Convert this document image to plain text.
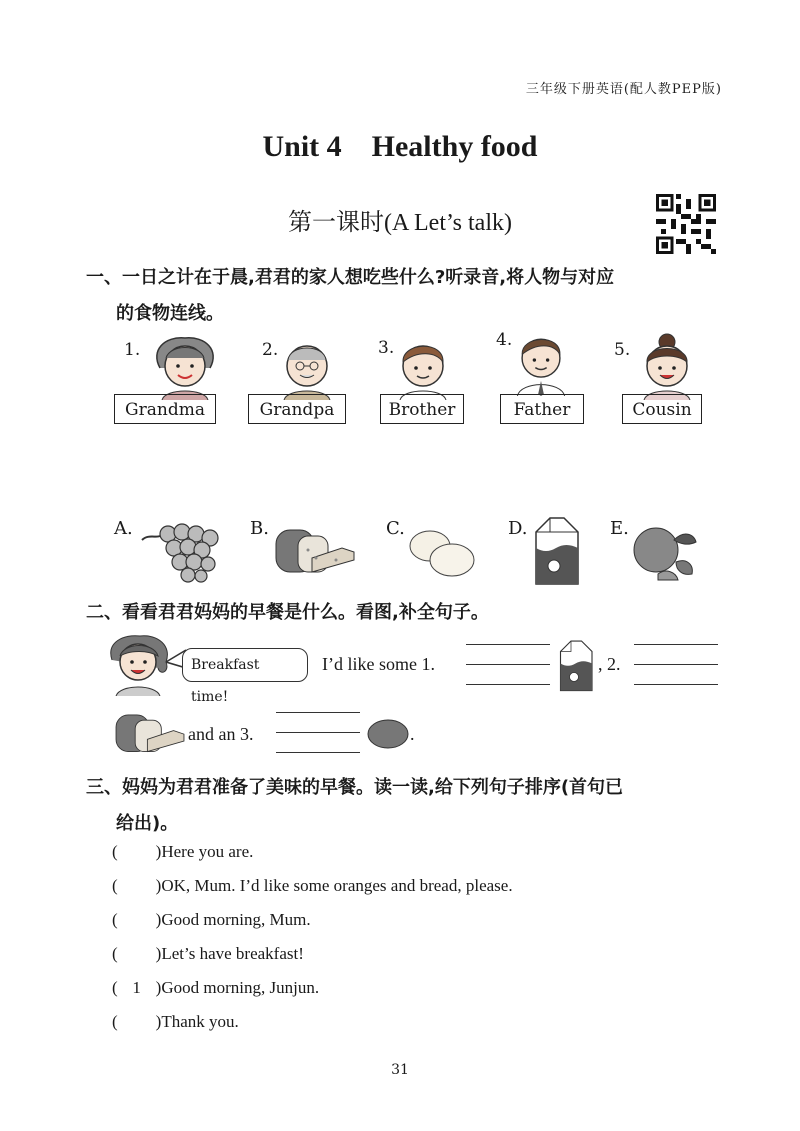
三年级下册英语(配人教PEP版)
Unit 4    Healthy food
第一课时(A Let’s talk)
一、一日之计在于晨,君君的家人想吃些什么?听录音,将人物与对应
的食物连线。
1.
Grandma
2.
Grandpa
3.
Brother
4.
Father
5.
Cousin
A.	B.	C.	D.	E.
二、看看君君妈妈的早餐是什么。看图,补全句子。
Breakfast time!
I’d like some 1.	, 2.
and an 3.	.
三、妈妈为君君准备了美味的早餐。读一读,给下列句子排序(首句已
给出)。
( )Here you are.
( )OK, Mum. I’d like some oranges and bread, please.
( )Good morning, Mum.
( )Let’s have breakfast!
( 1 )Good morning, Junjun.
( )Thank you.
31
